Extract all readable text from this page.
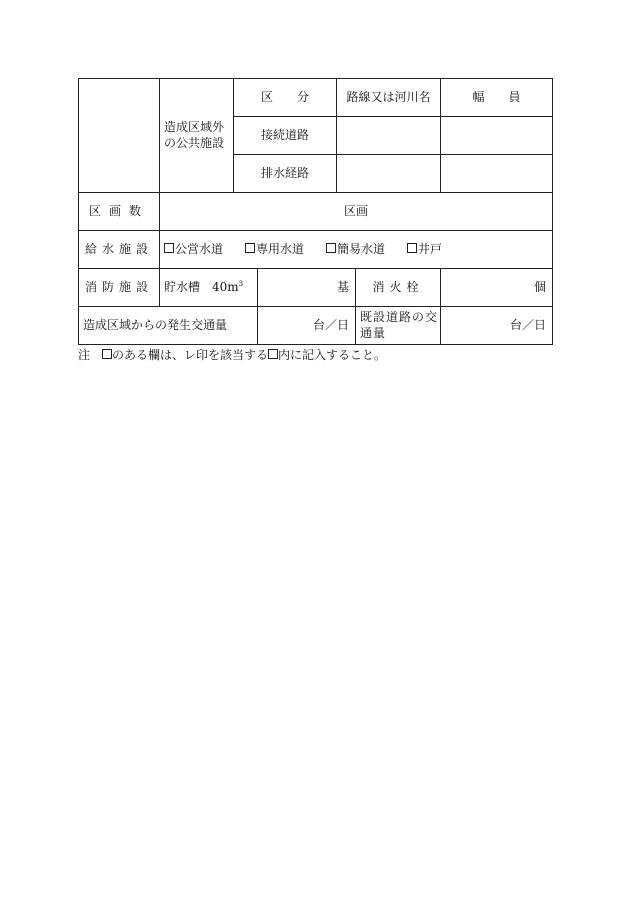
	造成区域外の公共施設	区　　分		路線又は河川名		幅　　員
		接続道路				
		排水経路				
区画数	区画					
給水施設	公営水道 専用水道 簡易水道 井戸					
消防施設	貯水槽　$40m^3$		基		消火栓	個
造成区域からの発生交通量			台／日		既設道路の交通量	台／日
注　のある欄は、レ印を該当する 内に記入すること。
